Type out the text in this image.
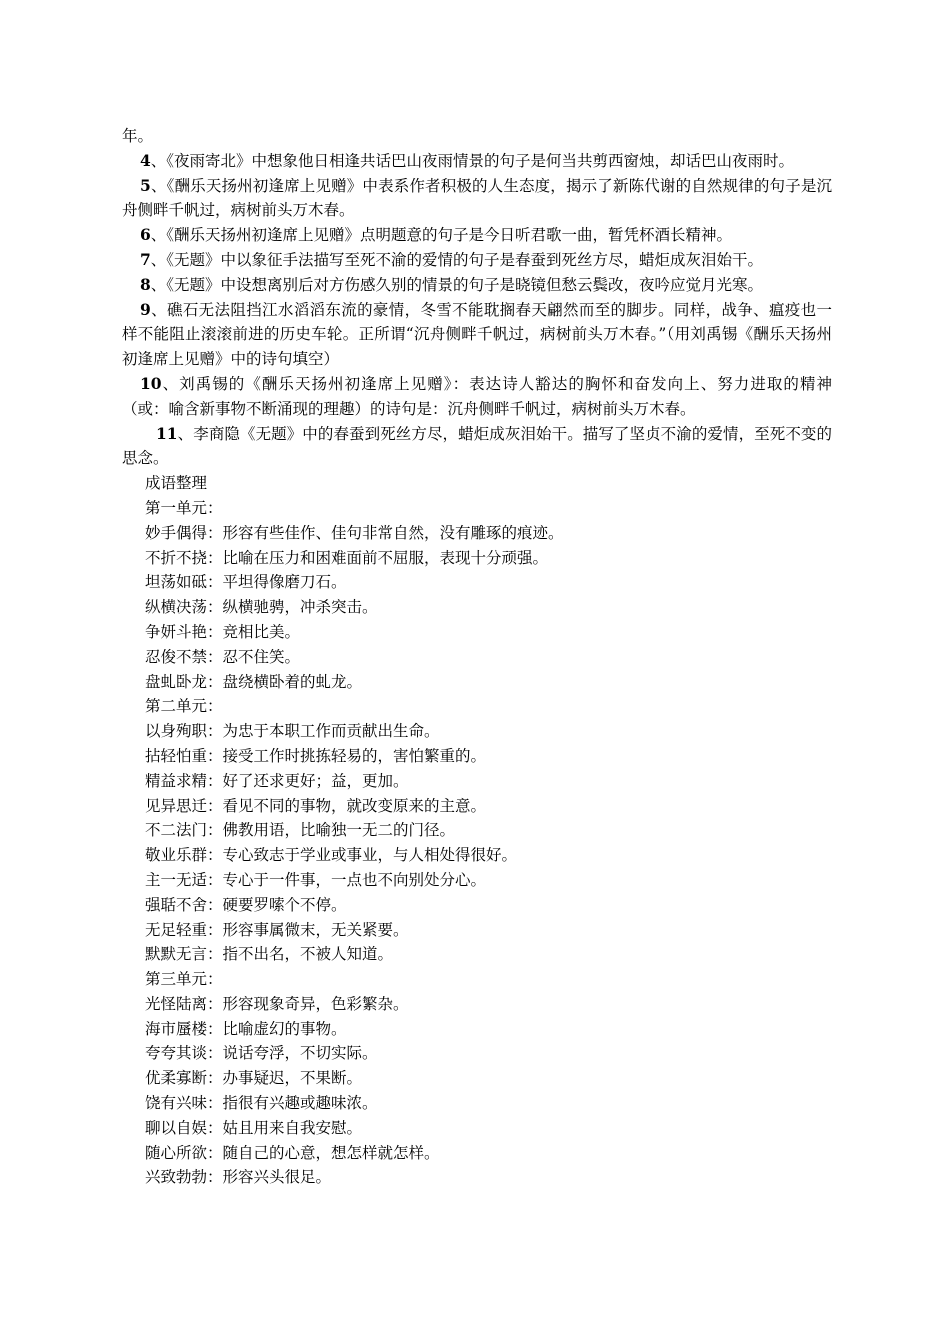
年。

4、《夜雨寄北》中想象他日相逢共话巴山夜雨情景的句子是何当共剪西窗烛，却话巴山夜雨时。

5、《酬乐天扬州初逢席上见赠》中表系作者积极的人生态度，揭示了新陈代谢的自然规律的句子是沉舟侧畔千帆过，病树前头万木春。

6、《酬乐天扬州初逢席上见赠》点明题意的句子是今日听君歌一曲，暂凭杯酒长精神。

7、《无题》中以象征手法描写至死不渝的爱情的句子是春蚕到死丝方尽，蜡炬成灰泪始干。

8、《无题》中设想离别后对方伤感久别的情景的句子是晓镜但愁云鬓改，夜吟应觉月光寒。

9、礁石无法阻挡江水滔滔东流的豪情，冬雪不能耽搁春天翩然而至的脚步。同样，战争、瘟疫也一样不能阻止滚滚前进的历史车轮。正所谓“沉舟侧畔千帆过，病树前头万木春。”（用刘禹锡《酬乐天扬州初逢席上见赠》中的诗句填空）

10、刘禹锡的《酬乐天扬州初逢席上见赠》：表达诗人豁达的胸怀和奋发向上、努力进取的精神（或：喻含新事物不断涌现的理趣）的诗句是：沉舟侧畔千帆过，病树前头万木春。

11、李商隐《无题》中的春蚕到死丝方尽，蜡炬成灰泪始干。描写了坚贞不渝的爱情，至死不变的思念。

成语整理

第一单元：

妙手偶得：形容有些佳作、佳句非常自然，没有雕琢的痕迹。

不折不挠：比喻在压力和困难面前不屈服，表现十分顽强。

坦荡如砥：平坦得像磨刀石。

纵横决荡：纵横驰骋，冲杀突击。

争妍斗艳：竞相比美。

忍俊不禁：忍不住笑。

盘虬卧龙：盘绕横卧着的虬龙。

第二单元：

以身殉职：为忠于本职工作而贡献出生命。

拈轻怕重：接受工作时挑拣轻易的，害怕繁重的。

精益求精：好了还求更好；益，更加。

见异思迁：看见不同的事物，就改变原来的主意。

不二法门：佛教用语，比喻独一无二的门径。

敬业乐群：专心致志于学业或事业，与人相处得很好。

主一无适：专心于一件事，一点也不向别处分心。

强聒不舍：硬要罗嗦个不停。

无足轻重：形容事属微末，无关紧要。

默默无言：指不出名，不被人知道。

第三单元：

光怪陆离：形容现象奇异，色彩繁杂。

海市蜃楼：比喻虚幻的事物。

夸夸其谈：说话夸浮，不切实际。

优柔寡断：办事疑迟，不果断。

饶有兴味：指很有兴趣或趣味浓。

聊以自娱：姑且用来自我安慰。

随心所欲：随自己的心意，想怎样就怎样。

兴致勃勃：形容兴头很足。
